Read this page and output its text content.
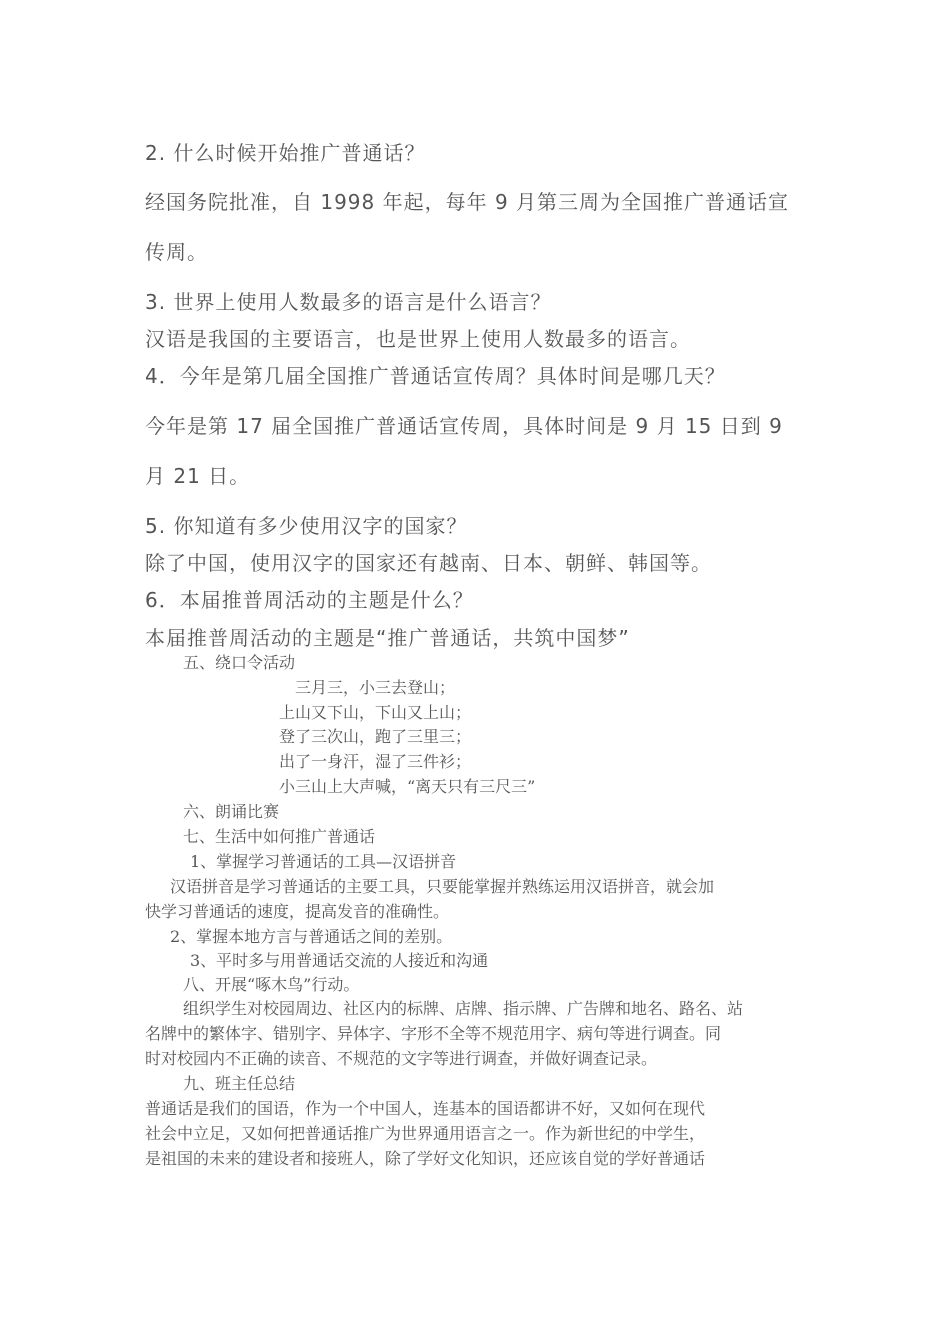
2. 什么时候开始推广普通话？

经国务院批准，自 1998 年起，每年 9 月第三周为全国推广普通话宣

传周。

3. 世界上使用人数最多的语言是什么语言？

汉语是我国的主要语言，也是世界上使用人数最多的语言。

4．今年是第几届全国推广普通话宣传周？具体时间是哪几天？

今年是第 17 届全国推广普通话宣传周，具体时间是 9 月 15 日到 9

月 21 日。

5. 你知道有多少使用汉字的国家？

除了中国，使用汉字的国家还有越南、日本、朝鲜、韩国等。

6．本届推普周活动的主题是什么？

本届推普周活动的主题是“推广普通话，共筑中国梦”

五、绕口令活动

三月三，小三去登山；

上山又下山，下山又上山；

登了三次山，跑了三里三；

出了一身汗，湿了三件衫；

小三山上大声喊，“离天只有三尺三”

六、朗诵比赛

七、生活中如何推广普通话

1、掌握学习普通话的工具—汉语拼音

汉语拼音是学习普通话的主要工具，只要能掌握并熟练运用汉语拼音，就会加

快学习普通话的速度，提高发音的准确性。

2、掌握本地方言与普通话之间的差别。

3、平时多与用普通话交流的人接近和沟通

八、开展“啄木鸟”行动。

组织学生对校园周边、社区内的标牌、店牌、指示牌、广告牌和地名、路名、站

名牌中的繁体字、错别字、异体字、字形不全等不规范用字、病句等进行调查。同

时对校园内不正确的读音、不规范的文字等进行调查，并做好调查记录。

九、班主任总结

普通话是我们的国语，作为一个中国人，连基本的国语都讲不好，又如何在现代

社会中立足，又如何把普通话推广为世界通用语言之一。作为新世纪的中学生，

是祖国的未来的建设者和接班人，除了学好文化知识，还应该自觉的学好普通话
